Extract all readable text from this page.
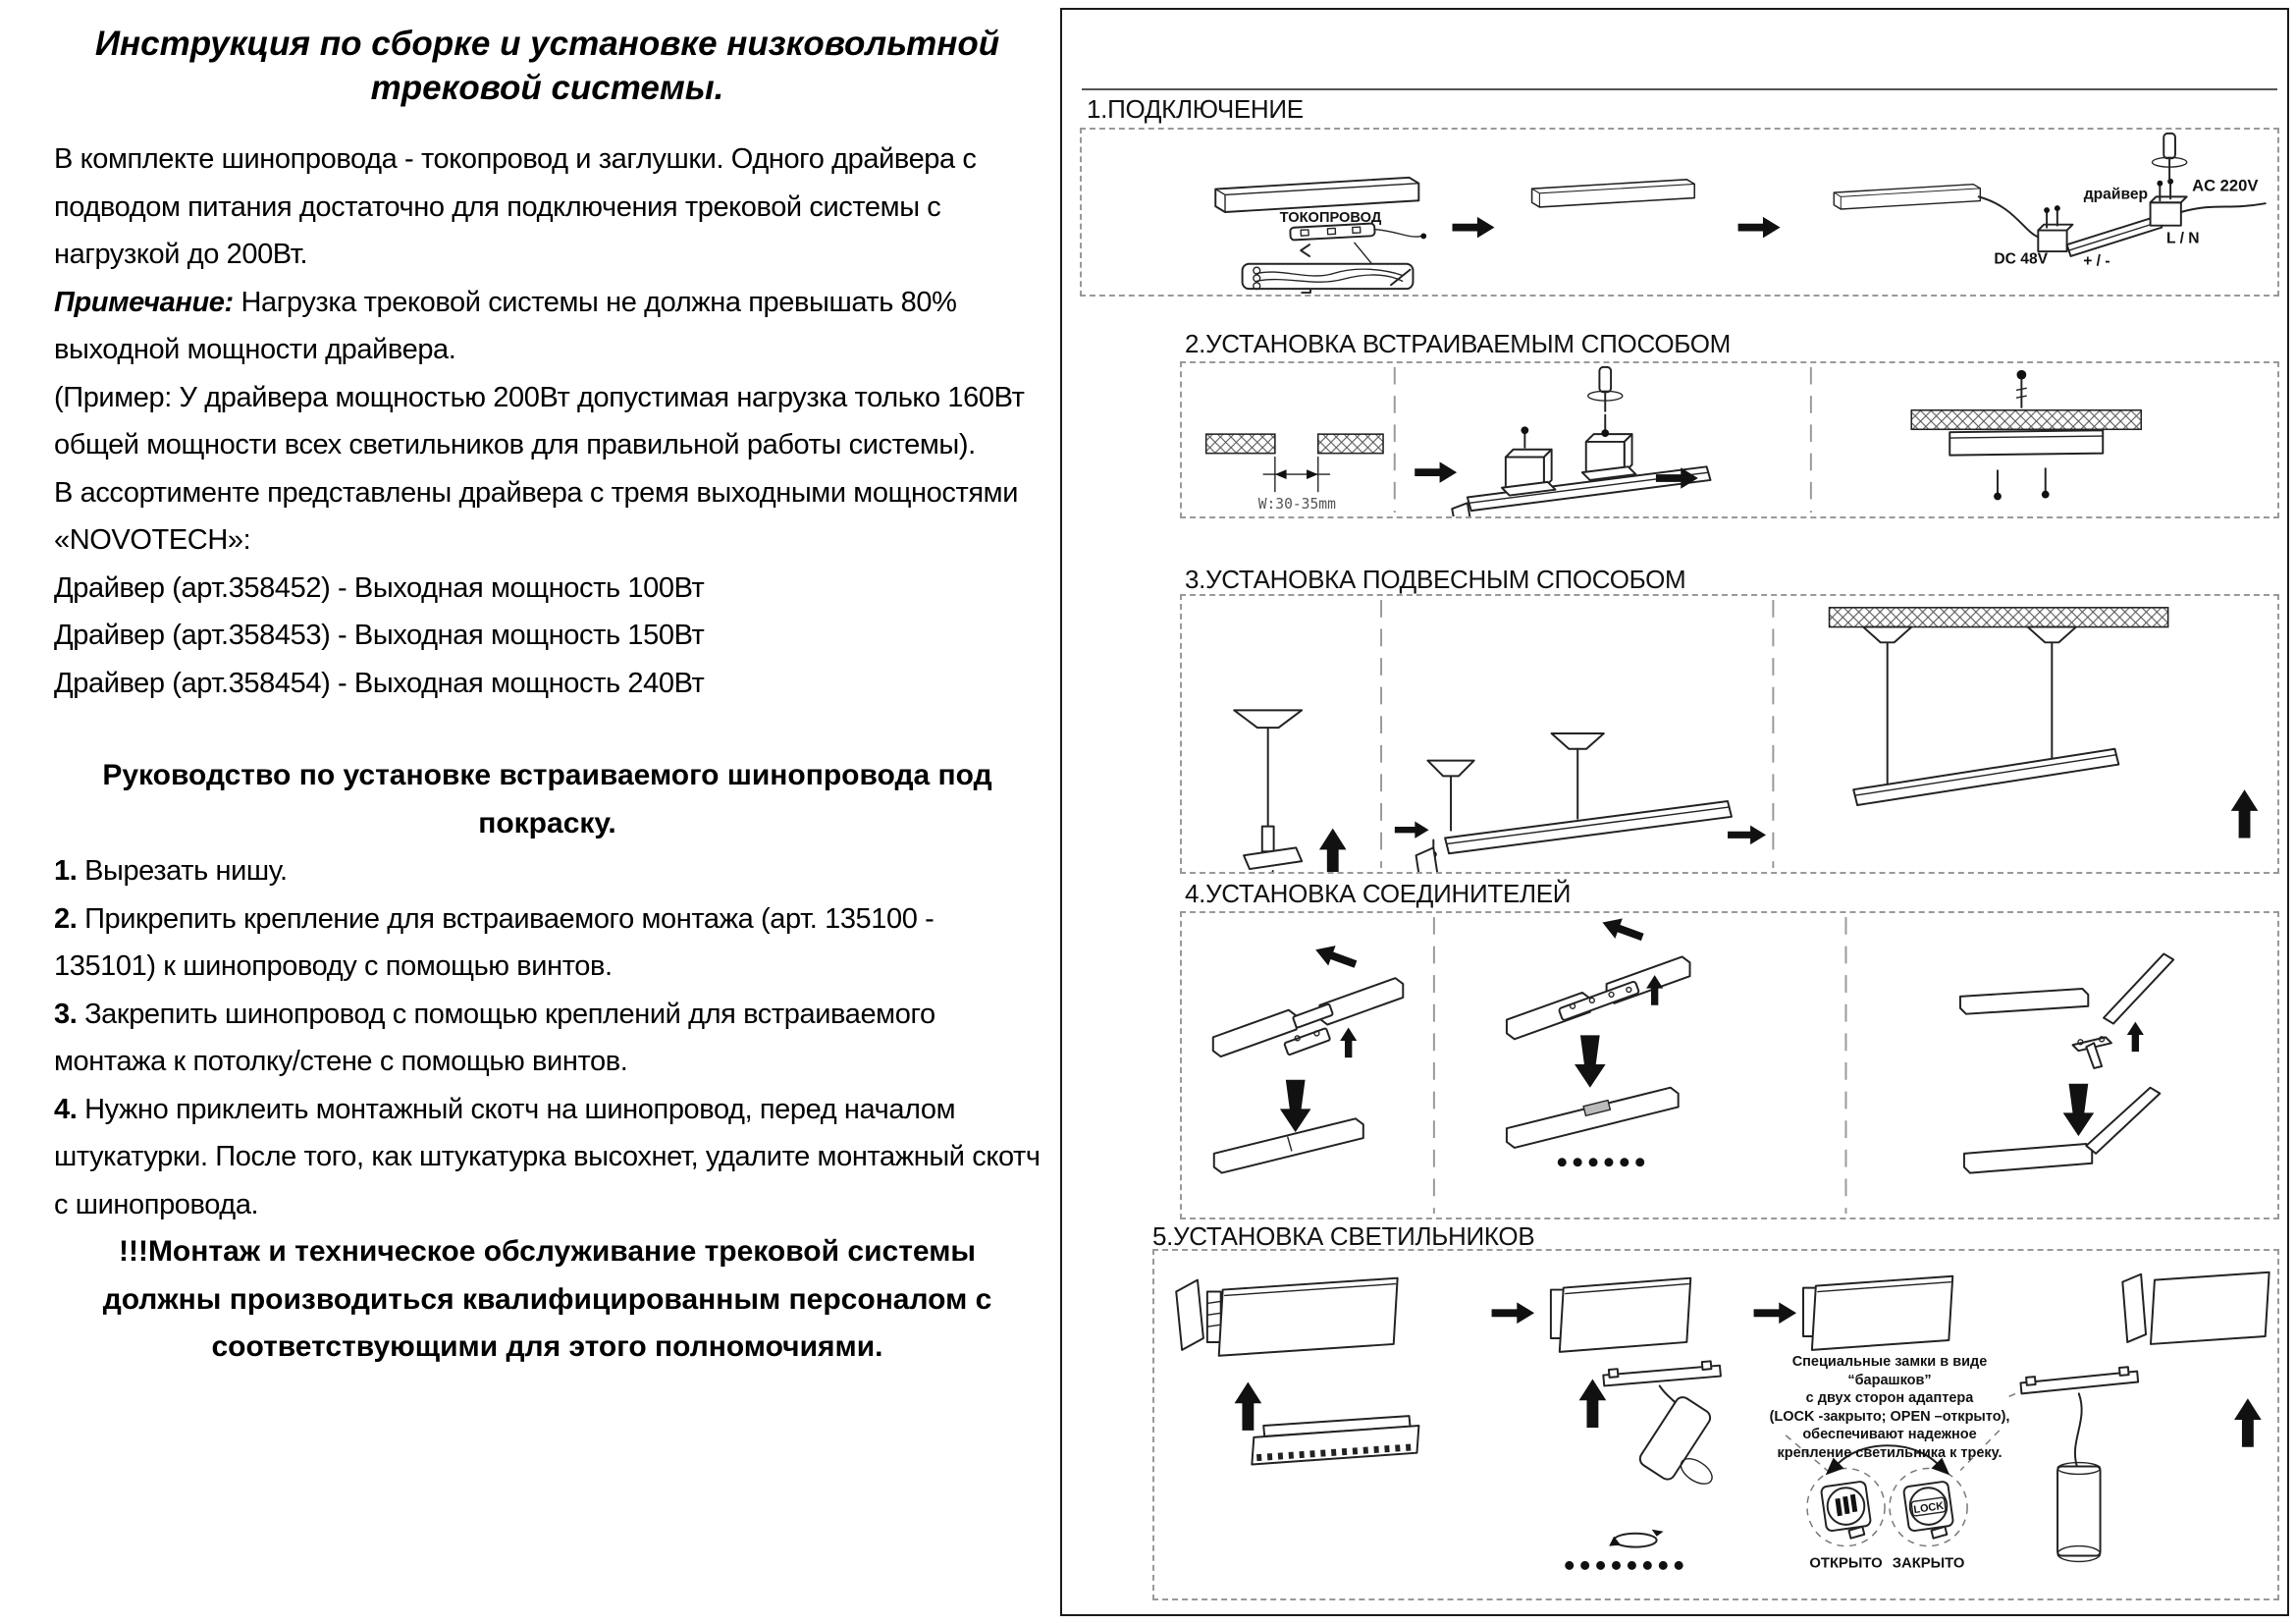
Инструкция по сборке и установке низковольтной трековой системы.

В комплекте шинопровода - токопровод и заглушки. Одного драйвера с подводом питания достаточно для подключения трековой системы с нагрузкой до 200Вт.

Примечание: Нагрузка трековой системы не должна превышать 80% выходной мощности драйвера.

(Пример: У драйвера мощностью 200Вт допустимая нагрузка только 160Вт общей мощности всех светильников для правильной работы системы).

В ассортименте представлены драйвера с тремя выходными мощностями «NOVOTECH»:

Драйвер (арт.358452) - Выходная мощность 100Вт

Драйвер (арт.358453) - Выходная мощность 150Вт

Драйвер (арт.358454) - Выходная мощность 240Вт

Руководство по установке встраиваемого шинопровода под покраску.

1. Вырезать нишу.

2. Прикрепить крепление для встраиваемого монтажа (арт. 135100 - 135101) к шинопроводу с помощью винтов.

3. Закрепить шинопровод с помощью креплений для встраиваемого монтажа к потолку/стене с помощью винтов.

4. Нужно приклеить монтажный скотч на шинопровод, перед началом штукатурки. После того, как штукатурка высохнет, удалите монтажный скотч с шинопровода.

!!!Монтаж и техническое обслуживание трековой системы должны производиться квалифицированным персоналом с соответствующими для этого полномочиями.

1.ПОДКЛЮЧЕНИЕ
ТОКОПРОВОД
драйвер	AC 220V
L / N
DC 48V + / -
2.УСТАНОВКА ВСТРАИВАЕМЫМ СПОСОБОМ
W:30-35mm
3.УСТАНОВКА ПОДВЕСНЫМ СПОСОБОМ
4.УСТАНОВКА СОЕДИНИТЕЛЕЙ
5.УСТАНОВКА СВЕТИЛЬНИКОВ
LOCK
ОТКРЫТО ЗАКРЫТО
Специальные замки в виде “барашков”
с двух сторон адаптера
(LOCK -закрыто; OPEN –открыто),
обеспечивают надежное
крепление светильника к треку.
